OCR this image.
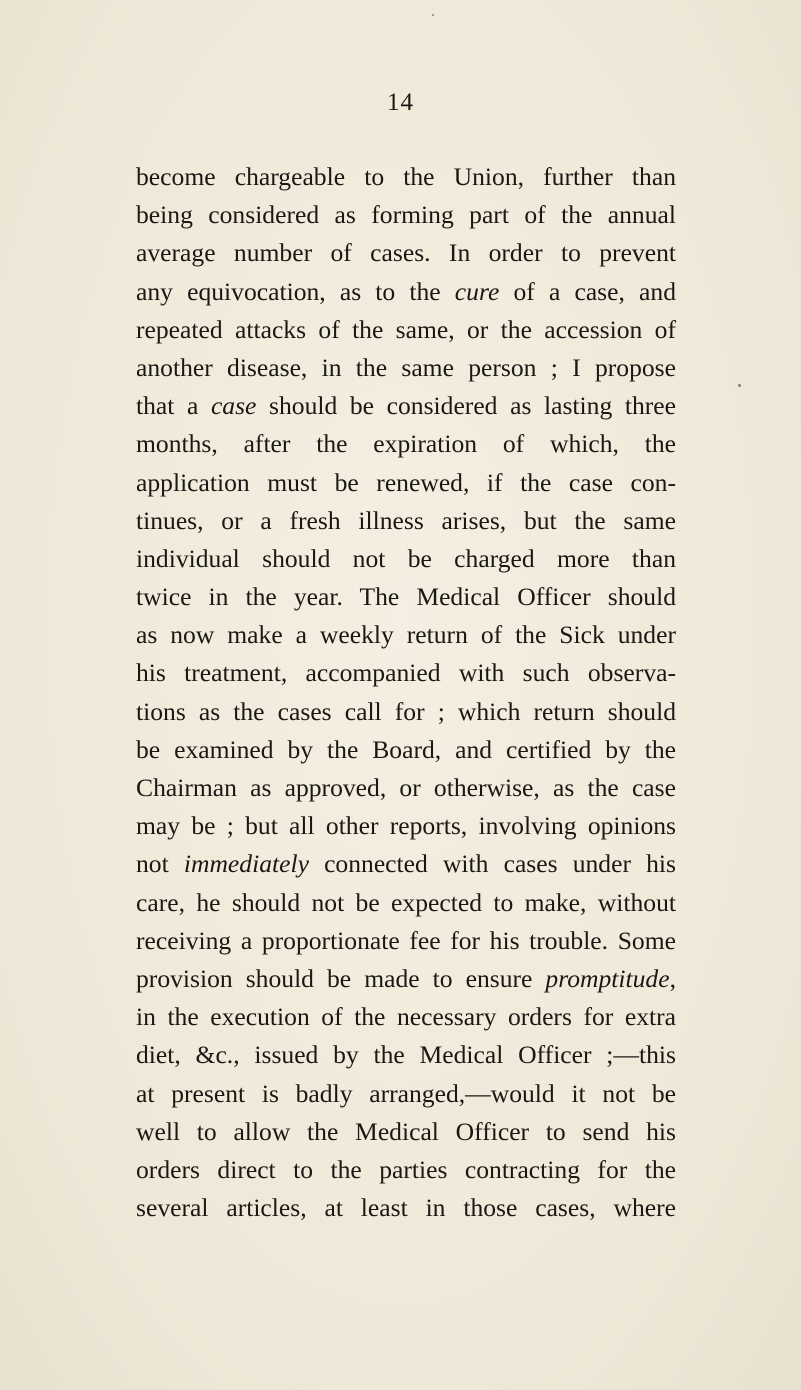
14
become chargeable to the Union, further than
being considered as forming part of the annual
average number of cases. In order to prevent
any equivocation, as to the cure of a case, and
repeated attacks of the same, or the accession of
another disease, in the same person ; I propose
that a case should be considered as lasting three
months, after the expiration of which, the
application must be renewed, if the case con-
tinues, or a fresh illness arises, but the same
individual should not be charged more than
twice in the year. The Medical Officer should
as now make a weekly return of the Sick under
his treatment, accompanied with such observa-
tions as the cases call for ; which return should
be examined by the Board, and certified by the
Chairman as approved, or otherwise, as the case
may be ; but all other reports, involving opinions
not immediately connected with cases under his
care, he should not be expected to make, without
receiving a proportionate fee for his trouble. Some
provision should be made to ensure promptitude,
in the execution of the necessary orders for extra
diet, &c., issued by the Medical Officer ;—this
at present is badly arranged,—would it not be
well to allow the Medical Officer to send his
orders direct to the parties contracting for the
several articles, at least in those cases, where
